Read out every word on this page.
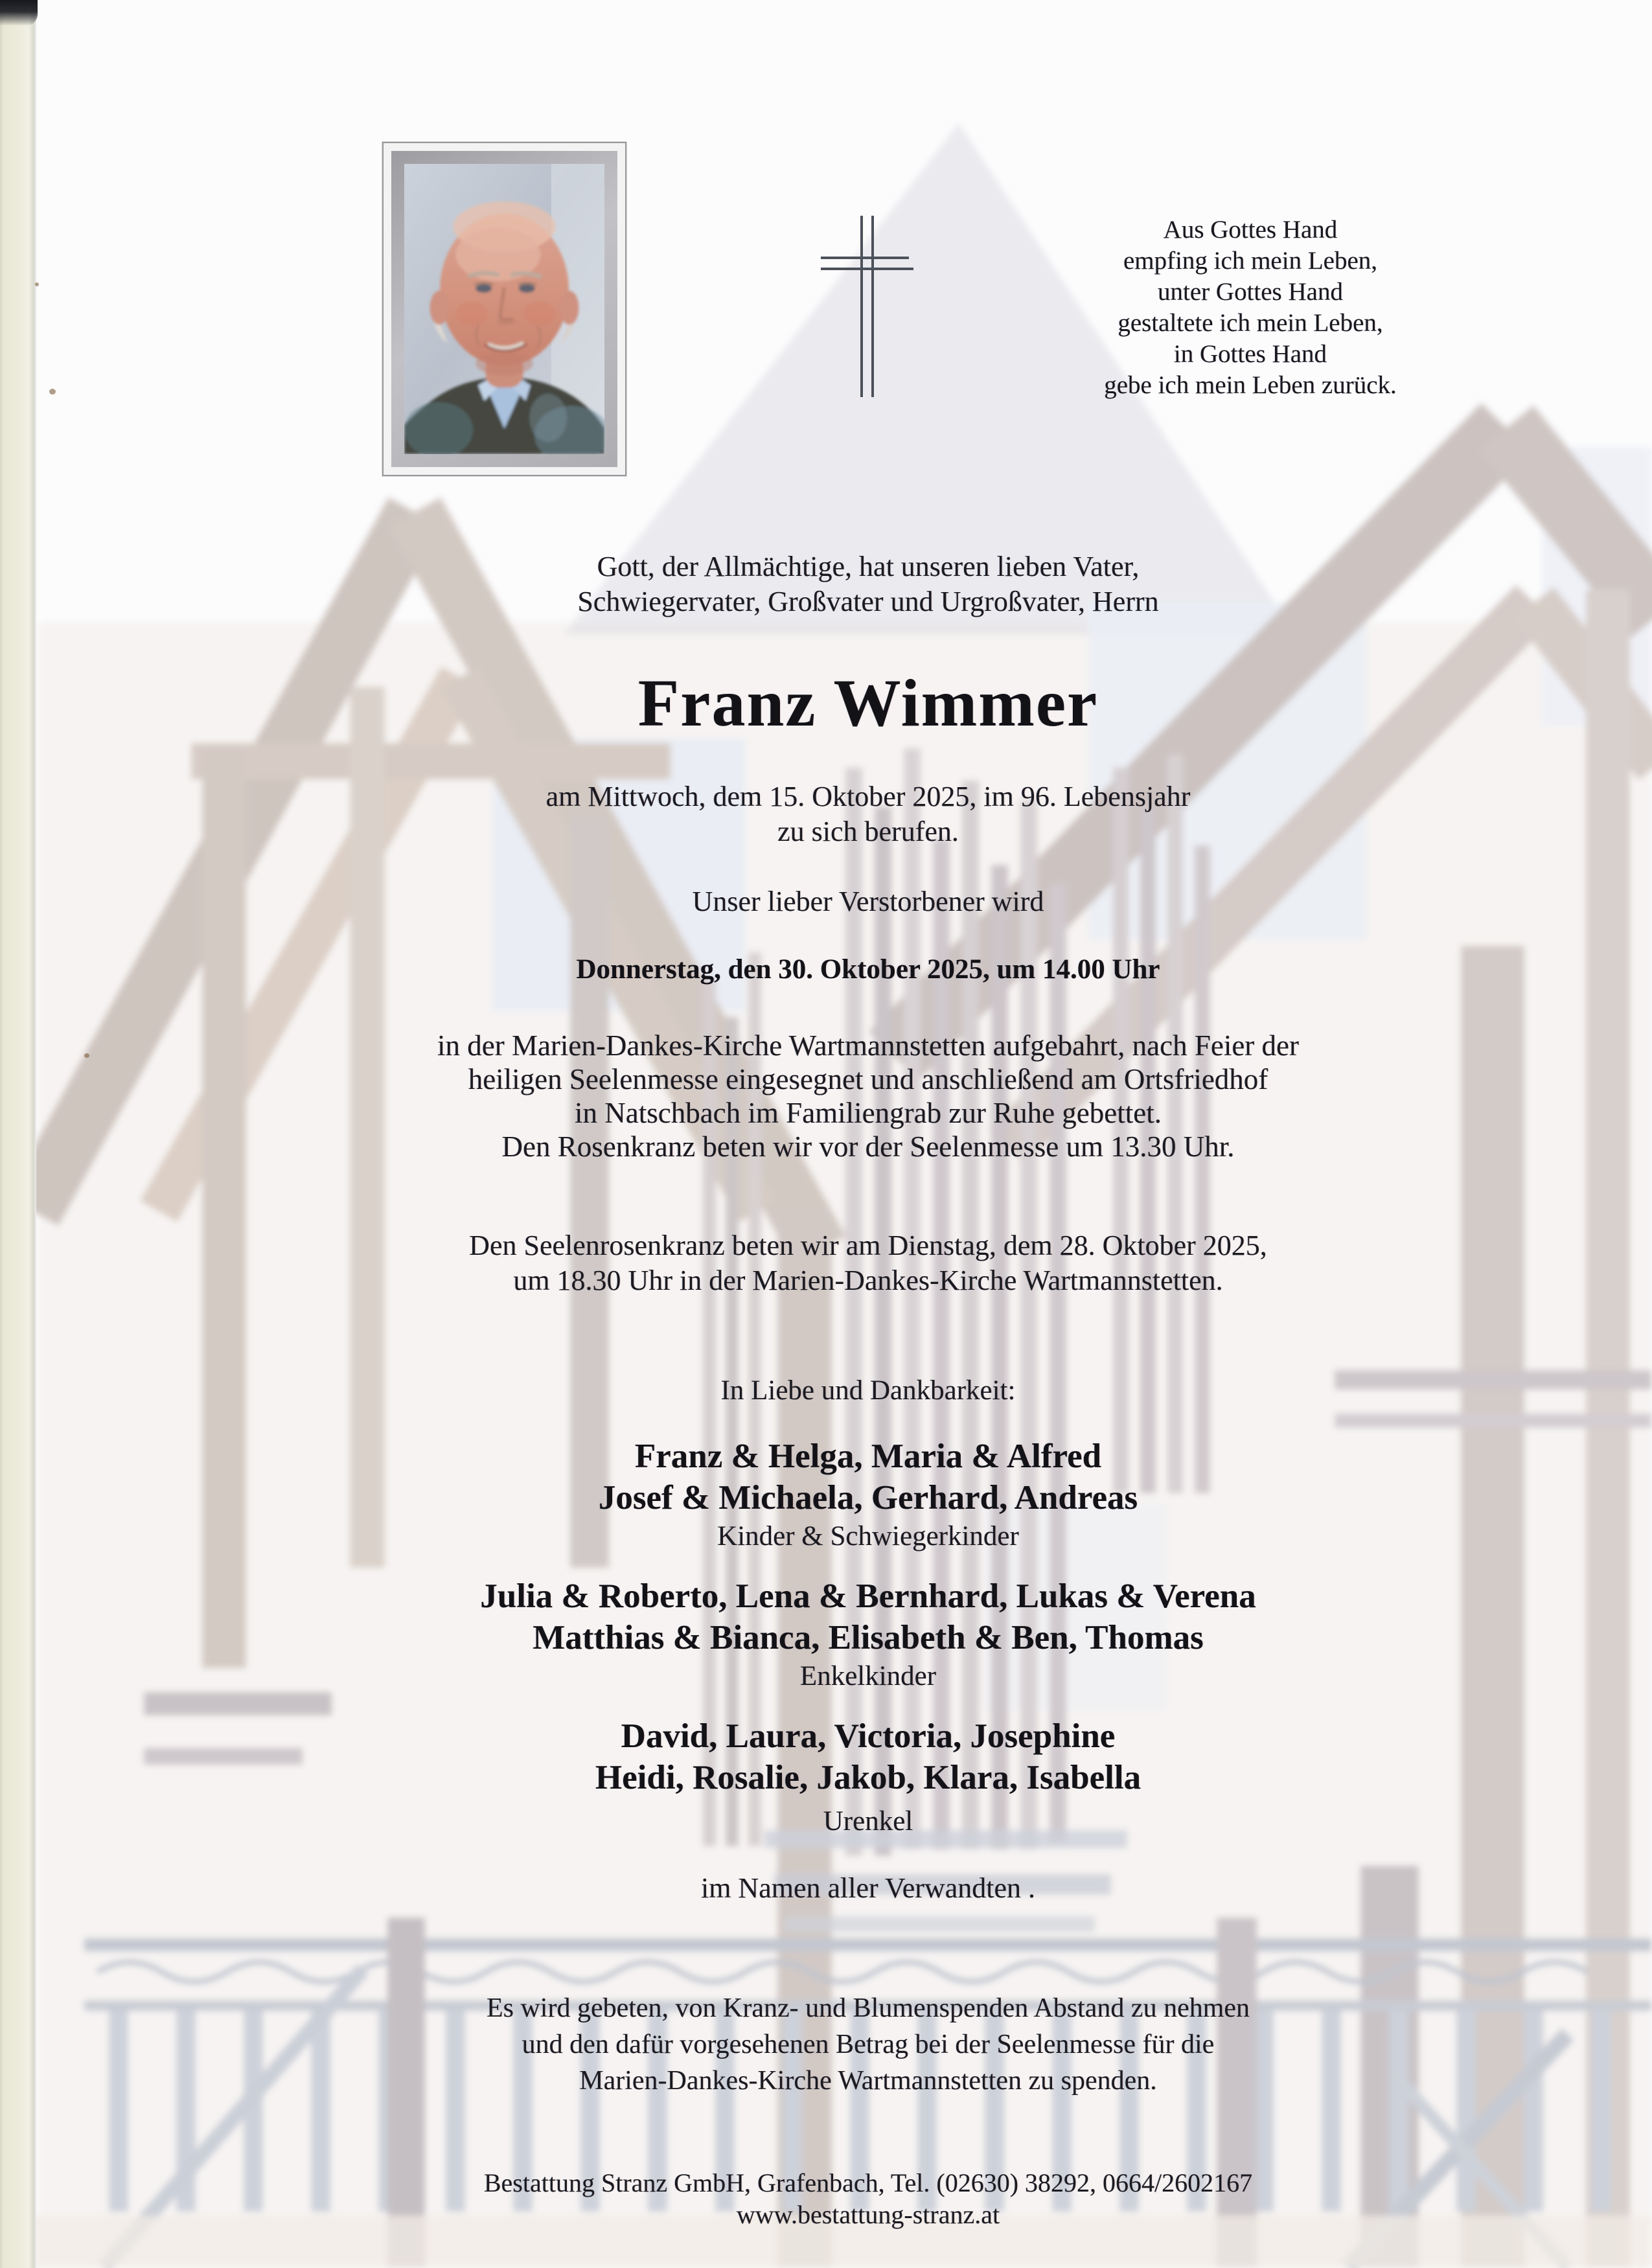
Aus Gottes Hand
empfing ich mein Leben,
unter Gottes Hand
gestaltete ich mein Leben,
in Gottes Hand
gebe ich mein Leben zurück.
Gott, der Allmächtige, hat unseren lieben Vater,
Schwiegervater, Großvater und Urgroßvater, Herrn
Franz Wimmer
am Mittwoch, dem 15. Oktober 2025, im 96. Lebensjahr
zu sich berufen.
Unser lieber Verstorbener wird
Donnerstag, den 30. Oktober 2025, um 14.00 Uhr
in der Marien-Dankes-Kirche Wartmannstetten aufgebahrt, nach Feier der
heiligen Seelenmesse eingesegnet und anschließend am Ortsfriedhof
in Natschbach im Familiengrab zur Ruhe gebettet.
Den Rosenkranz beten wir vor der Seelenmesse um 13.30 Uhr.
Den Seelenrosenkranz beten wir am Dienstag, dem 28. Oktober 2025,
um 18.30 Uhr in der Marien-Dankes-Kirche Wartmannstetten.
In Liebe und Dankbarkeit:
Franz & Helga, Maria & Alfred
Josef & Michaela, Gerhard, Andreas
Kinder & Schwiegerkinder
Julia & Roberto, Lena & Bernhard, Lukas & Verena
Matthias & Bianca, Elisabeth & Ben, Thomas
Enkelkinder
David, Laura, Victoria, Josephine
Heidi, Rosalie, Jakob, Klara, Isabella
Urenkel
im Namen aller Verwandten .
Es wird gebeten, von Kranz- und Blumenspenden Abstand zu nehmen
und den dafür vorgesehenen Betrag bei der Seelenmesse für die
Marien-Dankes-Kirche Wartmannstetten zu spenden.
Bestattung Stranz GmbH, Grafenbach, Tel. (02630) 38292, 0664/2602167
www.bestattung-stranz.at
